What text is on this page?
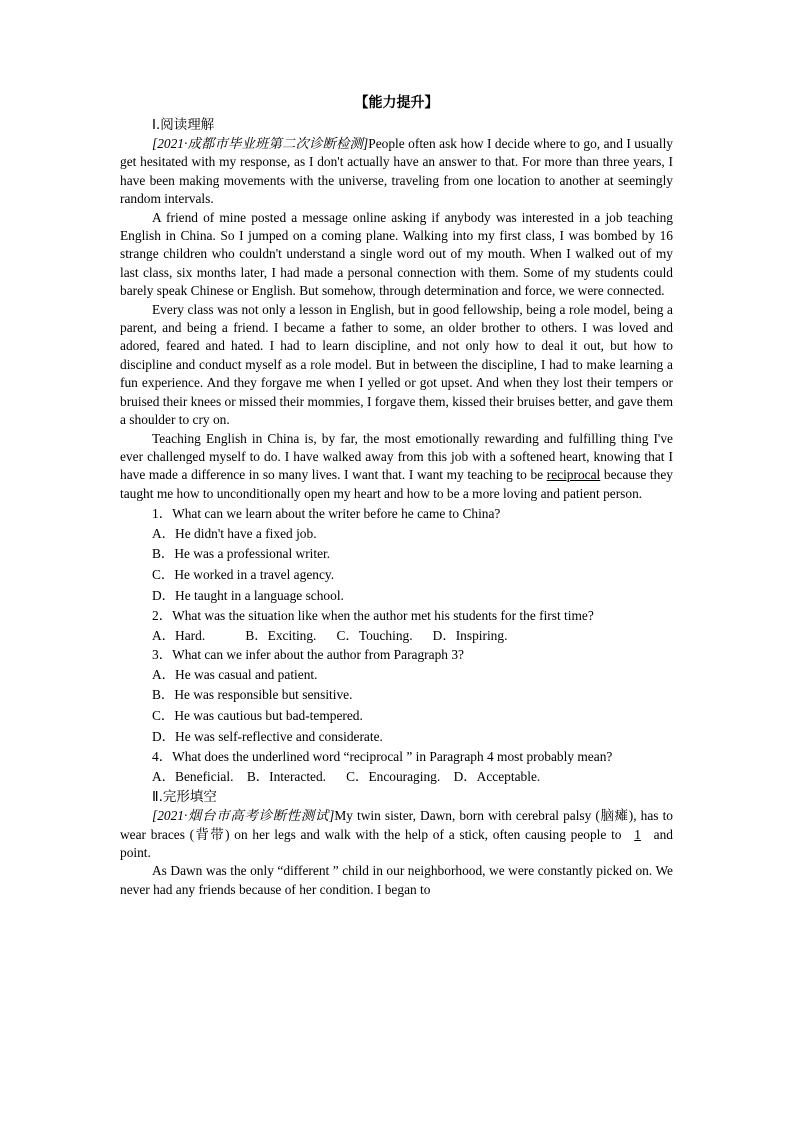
【能力提升】
Ⅰ.阅读理解

[2021·成都市毕业班第二次诊断检测]People often ask how I decide where to go, and I usually get hesitated with my response, as I don't actually have an answer to that. For more than three years, I have been making movements with the universe, traveling from one location to another at seemingly random intervals.

A friend of mine posted a message online asking if anybody was interested in a job teaching English in China. So I jumped on a coming plane. Walking into my first class, I was bombed by 16 strange children who couldn't understand a single word out of my mouth. When I walked out of my last class, six months later, I had made a personal connection with them. Some of my students could barely speak Chinese or English. But somehow, through determination and force, we were connected.

Every class was not only a lesson in English, but in good fellowship, being a role model, being a parent, and being a friend. I became a father to some, an older brother to others. I was loved and adored, feared and hated. I had to learn discipline, and not only how to deal it out, but how to discipline and conduct myself as a role model. But in between the discipline, I had to make learning a fun experience. And they forgave me when I yelled or got upset. And when they lost their tempers or bruised their knees or missed their mommies, I forgave them, kissed their bruises better, and gave them a shoulder to cry on.

Teaching English in China is, by far, the most emotionally rewarding and fulfilling thing I've ever challenged myself to do. I have walked away from this job with a softened heart, knowing that I have made a difference in so many lives. I want that. I want my teaching to be reciprocal because they taught me how to unconditionally open my heart and how to be a more loving and patient person.

1．What can we learn about the writer before he came to China?

A．He didn't have a fixed job.

B．He was a professional writer.

C．He worked in a travel agency.

D．He taught in a language school.

2．What was the situation like when the author met his students for the first time?

A．Hard.	B．Exciting. C．Touching. D．Inspiring.

3．What can we infer about the author from Paragraph 3?

A．He was casual and patient.

B．He was responsible but sensitive.

C．He was cautious but bad-tempered.

D．He was self-reflective and considerate.

4．What does the underlined word “reciprocal ” in Paragraph 4 most probably mean?

A．Beneficial. B．Interacted. C．Encouraging. D．Acceptable.

Ⅱ.完形填空

[2021·烟台市高考诊断性测试]My twin sister, Dawn, born with cerebral palsy (脑瘫), has to wear braces (背带) on her legs and walk with the help of a stick, often causing people to 1 and point.

As Dawn was the only “different ” child in our neighborhood, we were constantly picked on. We never had any friends because of her condition. I began to
